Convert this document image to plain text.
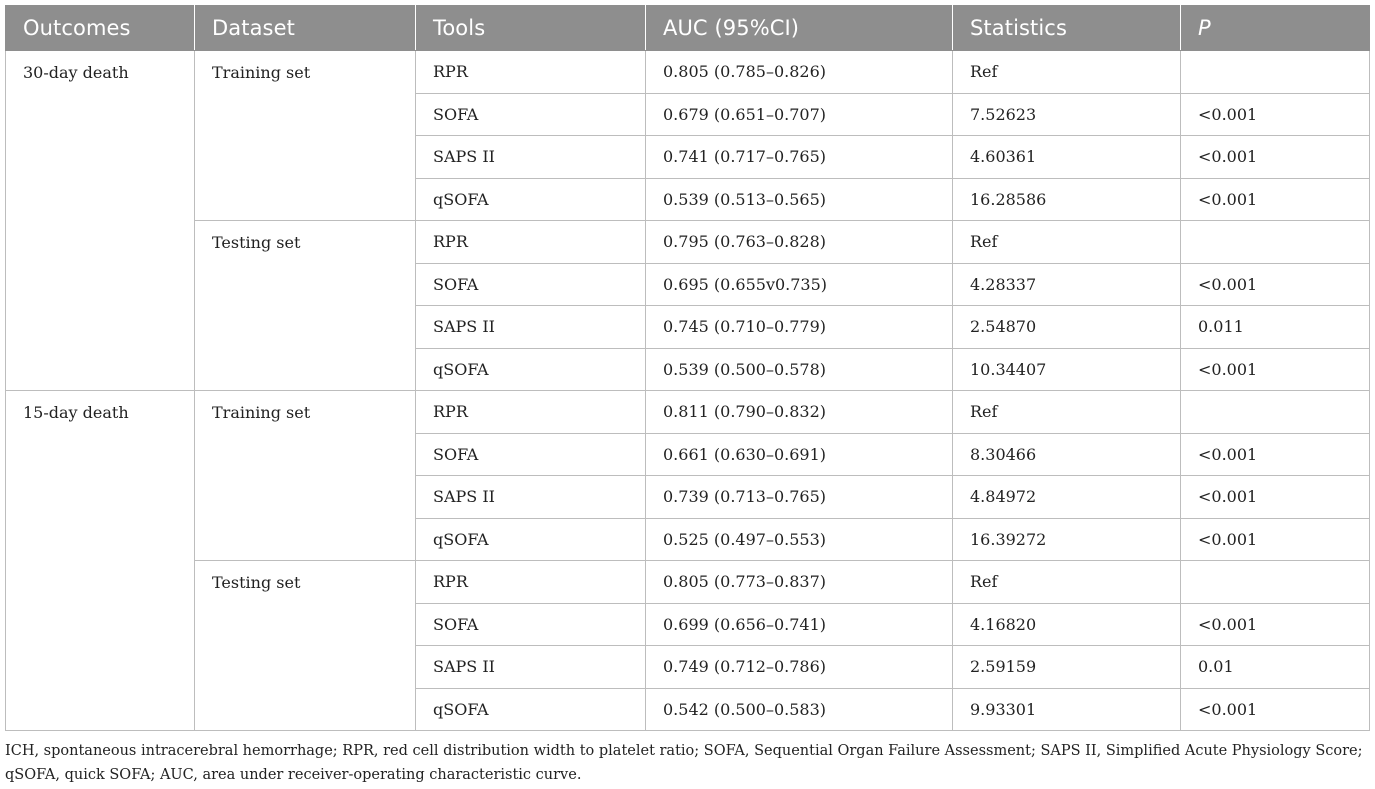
Outcomes	Dataset	Tools	AUC (95%CI)	Statistics	P
30-day death	Training set	RPR	0.805 (0.785–0.826)	Ref	
		SOFA	0.679 (0.651–0.707)	7.52623	<0.001
		SAPS II	0.741 (0.717–0.765)	4.60361	<0.001
		qSOFA	0.539 (0.513–0.565)	16.28586	<0.001
	Testing set	RPR	0.795 (0.763–0.828)	Ref	
		SOFA	0.695 (0.655v0.735)	4.28337	<0.001
		SAPS II	0.745 (0.710–0.779)	2.54870	0.011
		qSOFA	0.539 (0.500–0.578)	10.34407	<0.001
15-day death	Training set	RPR	0.811 (0.790–0.832)	Ref	
		SOFA	0.661 (0.630–0.691)	8.30466	<0.001
		SAPS II	0.739 (0.713–0.765)	4.84972	<0.001
		qSOFA	0.525 (0.497–0.553)	16.39272	<0.001
	Testing set	RPR	0.805 (0.773–0.837)	Ref	
		SOFA	0.699 (0.656–0.741)	4.16820	<0.001
		SAPS II	0.749 (0.712–0.786)	2.59159	0.01
		qSOFA	0.542 (0.500–0.583)	9.93301	<0.001
ICH, spontaneous intracerebral hemorrhage; RPR, red cell distribution width to platelet ratio; SOFA, Sequential Organ Failure Assessment; SAPS II, Simplified Acute Physiology Score; qSOFA, quick SOFA; AUC, area under receiver-operating characteristic curve.
